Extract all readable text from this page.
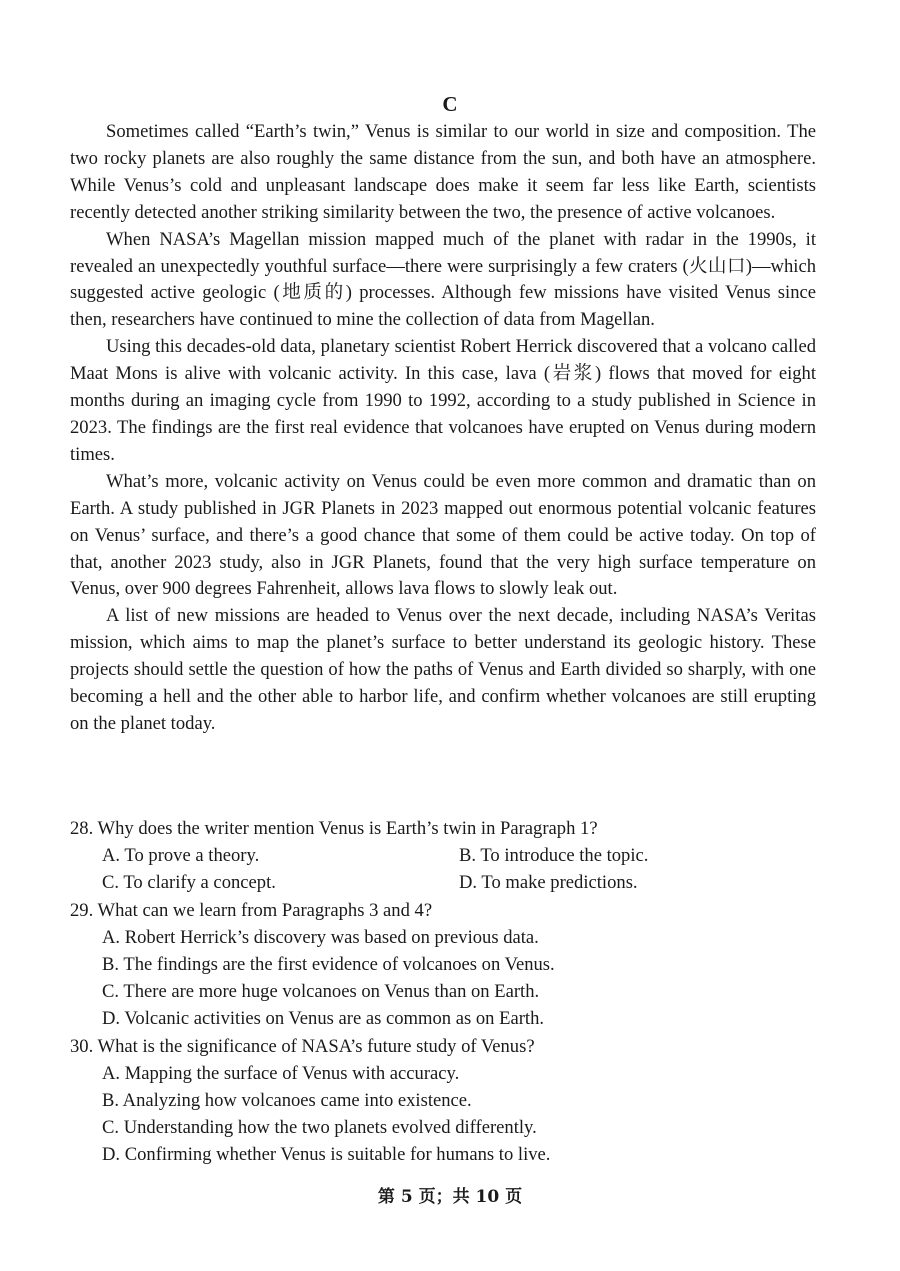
C

Sometimes called “Earth’s twin,” Venus is similar to our world in size and composition. The two rocky planets are also roughly the same distance from the sun, and both have an atmosphere. While Venus’s cold and unpleasant landscape does make it seem far less like Earth, scientists recently detected another striking similarity between the two, the presence of active volcanoes.

When NASA’s Magellan mission mapped much of the planet with radar in the 1990s, it revealed an unexpectedly youthful surface—there were surprisingly a few craters (火山口)—which suggested active geologic (地质的) processes. Although few missions have visited Venus since then, researchers have continued to mine the collection of data from Magellan.

Using this decades-old data, planetary scientist Robert Herrick discovered that a volcano called Maat Mons is alive with volcanic activity. In this case, lava (岩浆) flows that moved for eight months during an imaging cycle from 1990 to 1992, according to a study published in Science in 2023. The findings are the first real evidence that volcanoes have erupted on Venus during modern times.

What’s more, volcanic activity on Venus could be even more common and dramatic than on Earth. A study published in JGR Planets in 2023 mapped out enormous potential volcanic features on Venus’ surface, and there’s a good chance that some of them could be active today. On top of that, another 2023 study, also in JGR Planets, found that the very high surface temperature on Venus, over 900 degrees Fahrenheit, allows lava flows to slowly leak out.

A list of new missions are headed to Venus over the next decade, including NASA’s Veritas mission, which aims to map the planet’s surface to better understand its geologic history. These projects should settle the question of how the paths of Venus and Earth divided so sharply, with one becoming a hell and the other able to harbor life, and confirm whether volcanoes are still erupting on the planet today.

28. Why does the writer mention Venus is Earth’s twin in Paragraph 1?

A. To prove a theory.	B. To introduce the topic.
C. To clarify a concept.	D. To make predictions.

29. What can we learn from Paragraphs 3 and 4?

A. Robert Herrick’s discovery was based on previous data.

B. The findings are the first evidence of volcanoes on Venus.

C. There are more huge volcanoes on Venus than on Earth.

D. Volcanic activities on Venus are as common as on Earth.

30. What is the significance of NASA’s future study of Venus?

A. Mapping the surface of Venus with accuracy.

B. Analyzing how volcanoes came into existence.

C. Understanding how the two planets evolved differently.

D. Confirming whether Venus is suitable for humans to live.

第 5 页；共 10 页
